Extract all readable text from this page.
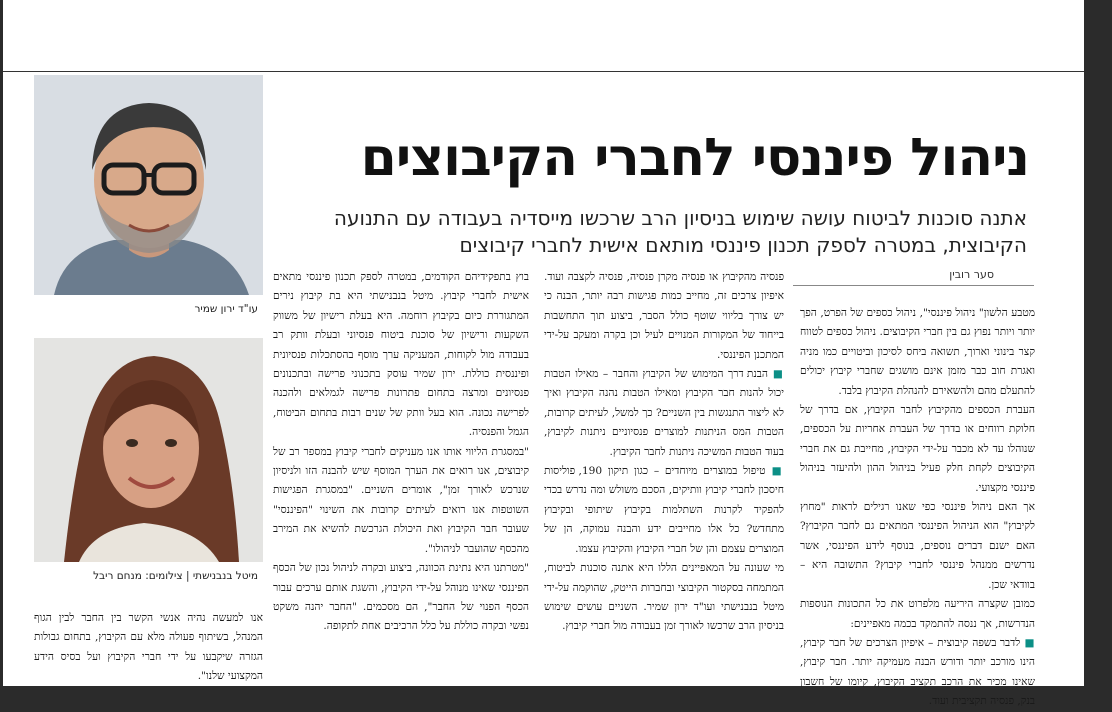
עו"ד ירון שמיר
מיטל בנבנישתי | צילומים: מנחם ריבל
ניהול פיננסי לחברי הקיבוצים
אתנה סוכנות לביטוח עושה שימוש בניסיון הרב שרכשו מייסדיה בעבודה עם התנועה הקיבוצית, במטרה לספק תכנון פיננסי מותאם אישית לחברי קיבוצים
סער רובין

מטבע הלשון" ניהול פיננסי", ניהול כספים של הפרט, הפך יותר ויותר נפוץ גם בין חברי הקיבוצים. ניהול כספים לטווח קצר בינוני וארוך, תשואה ביחס לסיכון וביטויים כמו מניה ואגרת חוב כבר מזמן אינם מושגים שחברי קיבוץ יכולים להתעלם מהם ולהשאירם להנהלת הקיבוץ בלבד.

העברת הכספים מהקיבוץ לחבר הקיבוץ, אם בדרך של חלוקת רווחים או בדרך של העברת אחריות על הכספים, שנוהלו עד לא מכבר על-ידי הקיבוץ, מחייבת גם את חברי הקיבוצים לקחת חלק פעיל בניהול ההון ולהיעזר בניהול פיננסי מקצועי.

אך האם ניהול פיננסי כפי שאנו רגילים לראות "מחוץ לקיבוץ" הוא הניהול הפיננסי המתאים גם לחבר הקיבוץ? האם ישנם דברים נוספים, בנוסף לידע הפיננסי, אשר נדרשים ממנהל פיננסי לחברי קיבוץ? התשובה היא – בוודאי שכן.

כמובן שקצרה היריעה מלפרוט את כל התכונות הנוספות הנדרשות, אך ננסה להתמקד בכמה מאפיינים:

■ לדבר בשפה קיבוצית – איפיון הצרכים של חבר קיבוץ, הינו מורכב יותר ודורש הבנה מעמיקה יותר. חבר קיבוץ, שאינו מכיר את הרכב תקציב הקיבוץ, קיומו של חשבון בנק, פנסיה תקציבית ועוד.

פנסיה מהקיבוץ או פנסיה מקרן פנסיה, פנסיה לקצבה ועוד. איפיון צרכים זה, מחייב כמות פגישות רבה יותר, הבנה כי יש צורך בליווי שוטף כולל הסבר, ביצוע תוך התחשבות בייחוד של המקורות המנויים לעיל וכן בקרה ומעקב על-ידי המתכנן הפיננסי.

■ הבנת דרך המימוש של הקיבוץ והחבר – מאילו הטבות יכול להנות חבר הקיבוץ ומאילו הטבות נהנה הקיבוץ ואיך לא ליצור התנגשות בין השניים? כך למשל, לעיתים קרובות, הטבות המס הניתנות למוצרים פנסיוניים ניתנות לקיבוץ, בעוד הטבות המשיכה ניתנות לחבר הקיבוץ.

■ טיפול במוצרים מיוחדים – כגון תיקון 190, פוליסות חיסכון לחברי קיבוץ וותיקים, הסכם משולש ומה נדרש בכדי להפקיד לקרנות השתלמות בקיבוץ שיתופי ובקיבוץ מתחדש? כל אלו מחייבים ידע והבנה עמוקה, הן של המוצרים עצמם והן של חברי הקיבוץ והקיבוץ עצמו.

מי שעונה על המאפיינים הללו היא אתנה סוכנות לביטוח, המתמחה בסקטור הקיבוצי ובחברות הייטק, שהוקמה על-ידי מיטל בנבנישתי ועו"ד ירון שמיר. השניים עושים שימוש בניסיון הרב שרכשו לאורך זמן בעבודה מול חברי קיבוץ.

בוץ בתפקידיהם הקודמים, במטרה לספק תכנון פיננסי מתאים אישית לחברי קיבוץ. מיטל בנבנישתי היא בת קיבוץ נירים המתגוררת כיום בקיבוץ רוחמה. היא בעלת רישיון של משווק השקעות ורישיון של סוכנת ביטוח פנסיוני ובעלת וותק רב בעבודה מול לקוחות, המעניקה ערך מוסף בהסתכלות פנסיונית ופיננסית כוללת. ירון שמיר עוסק בתכנוני פרישה ובתכנונים פנסיונים ומרצה בתחום פתרונות פרישה לגמלאים ולהכנה לפרישה נכונה. הוא בעל וותק של שנים רבות בתחום הביטוח, הגמל והפנסיה.

"במסגרת הליווי אותו אנו מעניקים לחברי קיבוץ במספר רב של קיבוצים, אנו רואים את הערך המוסף שיש להבנה הזו ולניסיון שנרכש לאורך זמן", אומרים השניים. "במסגרת הפגישות השוטפות אנו רואים לעיתים קרובות את השינוי "הפיננסי" שעובר חבר הקיבוץ ואת היכולת הגרכשת להשיא את המירב מהכסף שהועבר לניהולו".

"מטרתנו היא נתינת הכוונה, ביצוע ובקרה לניהול נכון של הכסף הפיננסי שאינו מנוהל על-ידי הקיבוץ, והשגת אותם ערכים עבור הכסף הפנוי של החבר", הם מסכמים. "החבר יהנה משקט נפשי ובקרה כוללת על כלל הרכיבים אחת לתקופה.

אנו למעשה נהיה אנשי הקשר בין החבר לבין הגוף המנהל, בשיתוף פעולה מלא עם הקיבוץ, בתחום גבולות הגזרה שיקבעו על ידי חברי הקיבוץ ועל בסיס הידע המקצועי שלנו".
